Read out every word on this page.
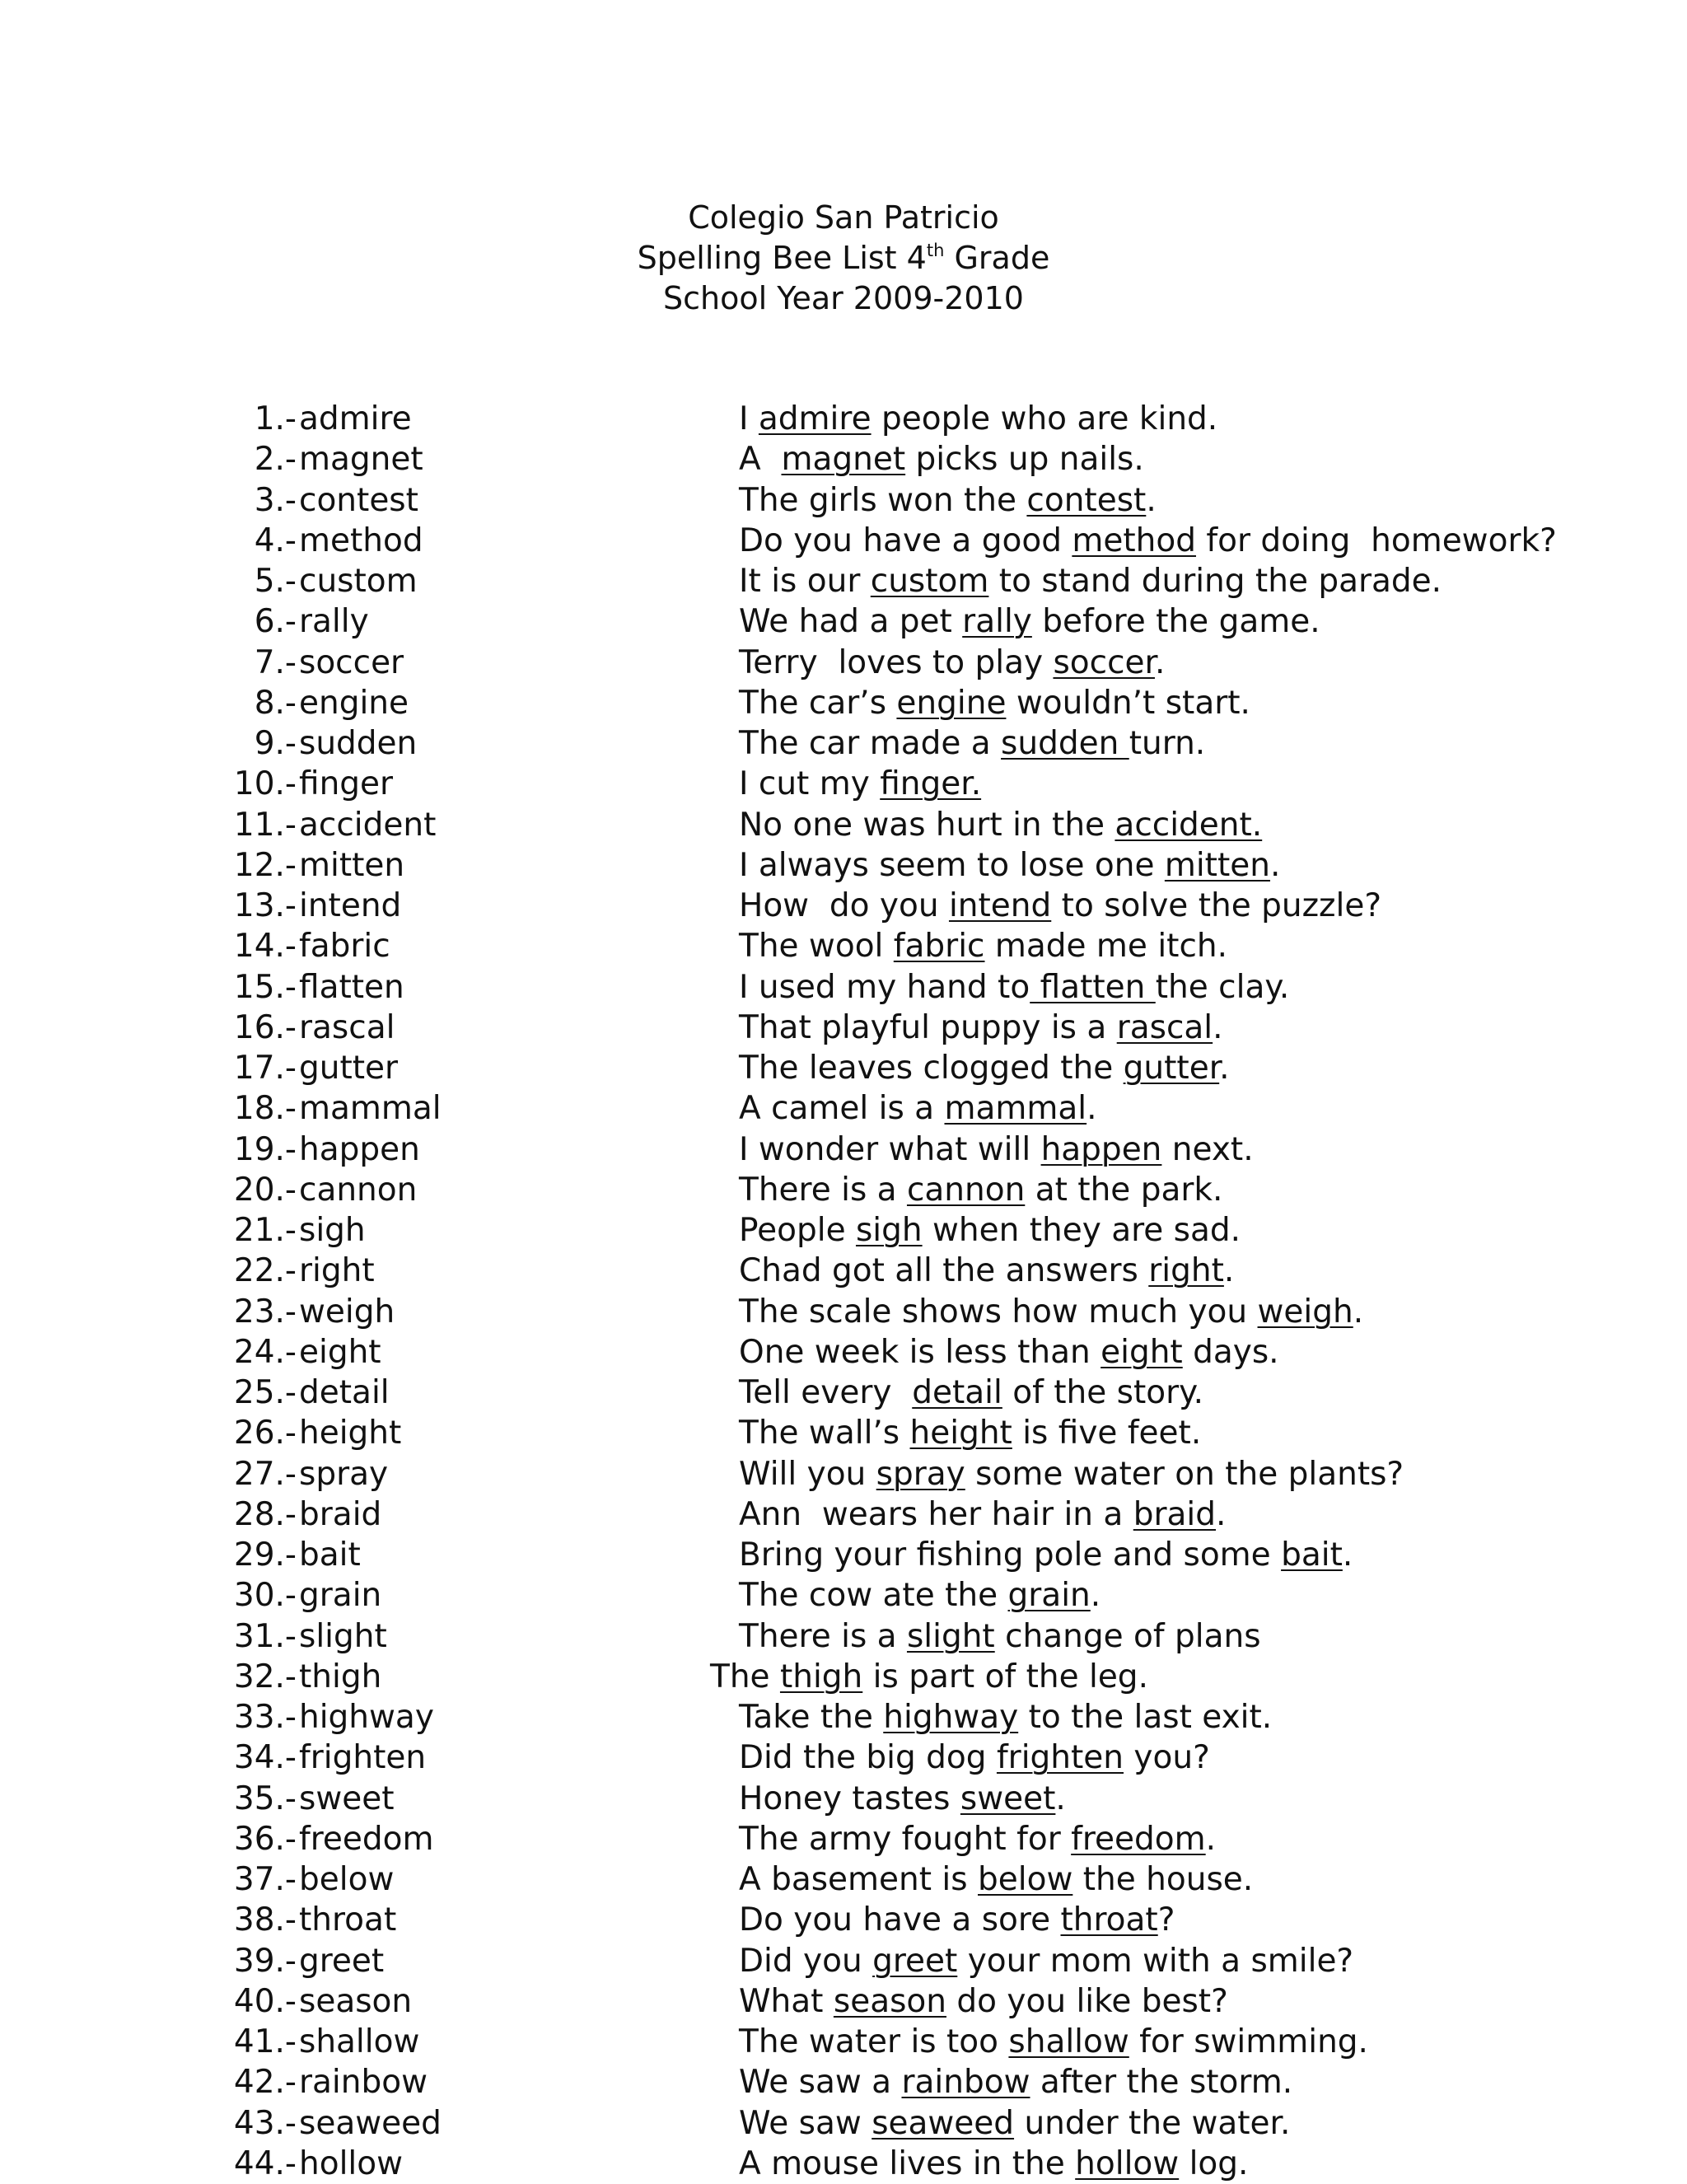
Colegio San Patricio
Spelling Bee List 4th Grade
School Year 2009-2010
1.- admire	I admire people who are kind.
2.- magnet	A  magnet picks up nails.
3.- contest	The girls won the contest.
4.- method	Do you have a good method for doing  homework?
5.- custom	It is our custom to stand during the parade.
6.- rally	We had a pet rally before the game.
7.- soccer	Terry  loves to play soccer.
8.- engine	The car’s engine wouldn’t start.
9.- sudden	The car made a sudden turn.
10.- finger	I cut my finger.
11.- accident	No one was hurt in the accident.
12.- mitten	I always seem to lose one mitten.
13.- intend	How  do you intend to solve the puzzle?
14.- fabric	The wool fabric made me itch.
15.- flatten	I used my hand to flatten the clay.
16.- rascal	That playful puppy is a rascal.
17.- gutter	The leaves clogged the gutter.
18.- mammal	A camel is a mammal.
19.- happen	I wonder what will happen next.
20.- cannon	There is a cannon at the park.
21.- sigh	People sigh when they are sad.
22.- right	Chad got all the answers right.
23.- weigh	The scale shows how much you weigh.
24.- eight	One week is less than eight days.
25.- detail	Tell every  detail of the story.
26.- height	The wall’s height is five feet.
27.- spray	Will you spray some water on the plants?
28.- braid	Ann  wears her hair in a braid.
29.- bait	Bring your fishing pole and some bait.
30.- grain	The cow ate the grain.
31.- slight	There is a slight change of plans
32.- thigh	The thigh is part of the leg.
33.- highway	Take the highway to the last exit.
34.- frighten	Did the big dog frighten you?
35.- sweet	Honey tastes sweet.
36.- freedom	The army fought for freedom.
37.- below	A basement is below the house.
38.- throat	Do you have a sore throat?
39.- greet	Did you greet your mom with a smile?
40.- season	What season do you like best?
41.- shallow	The water is too shallow for swimming.
42.- rainbow	We saw a rainbow after the storm.
43.- seaweed	We saw seaweed under the water.
44.- hollow	A mouse lives in the hollow log.
